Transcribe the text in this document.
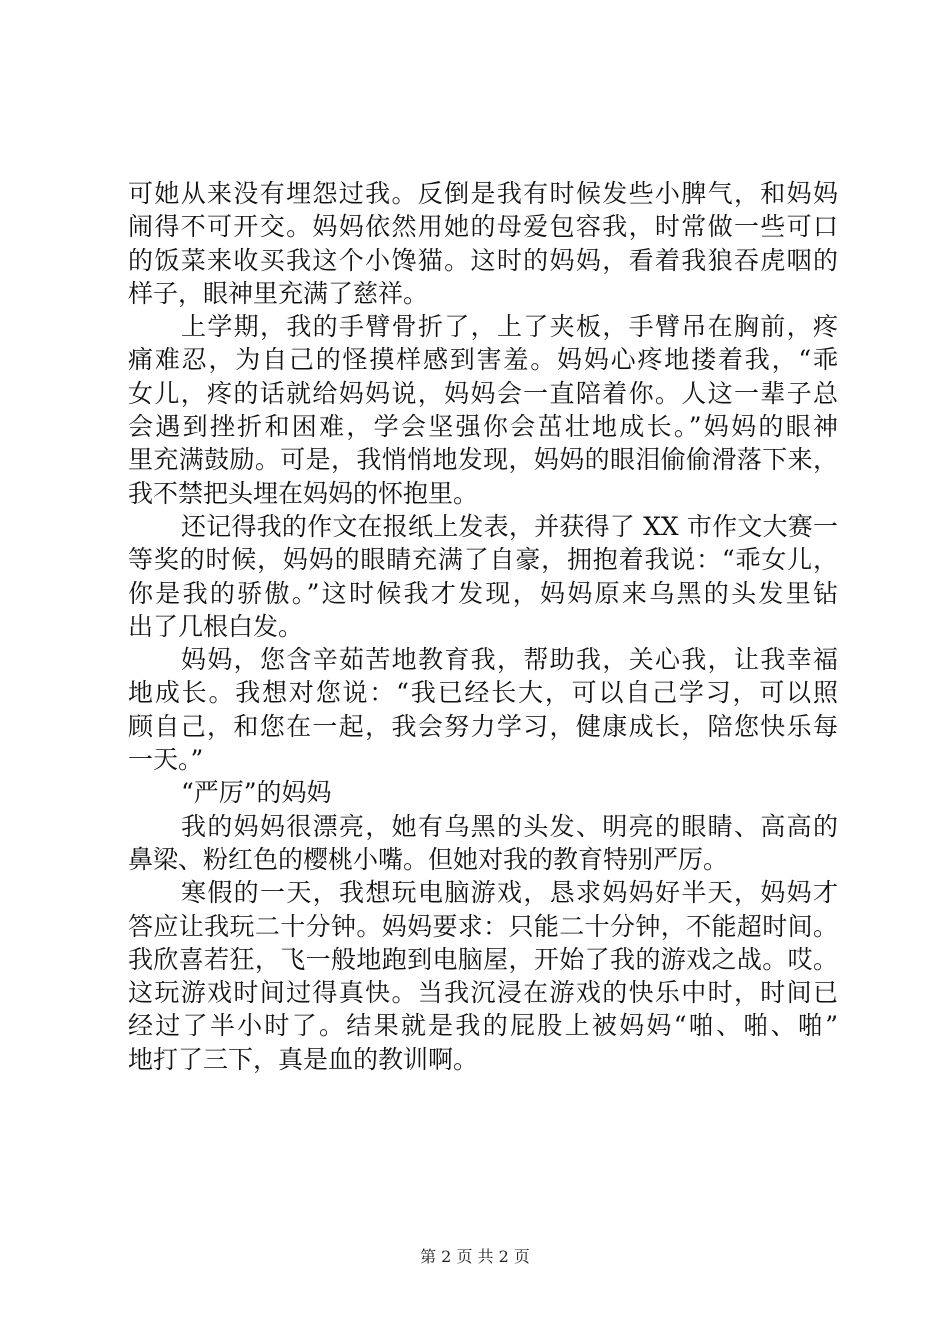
可她从来没有埋怨过我。反倒是我有时候发些小脾气，和妈妈
闹得不可开交。妈妈依然用她的母爱包容我，时常做一些可口
的饭菜来收买我这个小馋猫。这时的妈妈，看着我狼吞虎咽的
样子，眼神里充满了慈祥。
上学期，我的手臂骨折了，上了夹板，手臂吊在胸前，疼
痛难忍，为自己的怪摸样感到害羞。妈妈心疼地搂着我，“乖
女儿，疼的话就给妈妈说，妈妈会一直陪着你。人这一辈子总
会遇到挫折和困难，学会坚强你会茁壮地成长。”妈妈的眼神
里充满鼓励。可是，我悄悄地发现，妈妈的眼泪偷偷滑落下来，
我不禁把头埋在妈妈的怀抱里。
还记得我的作文在报纸上发表，并获得了 XX 市作文大赛一
等奖的时候，妈妈的眼睛充满了自豪，拥抱着我说：“乖女儿，
你是我的骄傲。”这时候我才发现，妈妈原来乌黑的头发里钻
出了几根白发。
妈妈，您含辛茹苦地教育我，帮助我，关心我，让我幸福
地成长。我想对您说：“我已经长大，可以自己学习，可以照
顾自己，和您在一起，我会努力学习，健康成长，陪您快乐每
一天。”
“严厉”的妈妈
我的妈妈很漂亮，她有乌黑的头发、明亮的眼睛、高高的
鼻梁、粉红色的樱桃小嘴。但她对我的教育特别严厉。
寒假的一天，我想玩电脑游戏，恳求妈妈好半天，妈妈才
答应让我玩二十分钟。妈妈要求：只能二十分钟，不能超时间。
我欣喜若狂，飞一般地跑到电脑屋，开始了我的游戏之战。哎。
这玩游戏时间过得真快。当我沉浸在游戏的快乐中时，时间已
经过了半小时了。结果就是我的屁股上被妈妈“啪、啪、啪”
地打了三下，真是血的教训啊。
第 2 页 共 2 页
